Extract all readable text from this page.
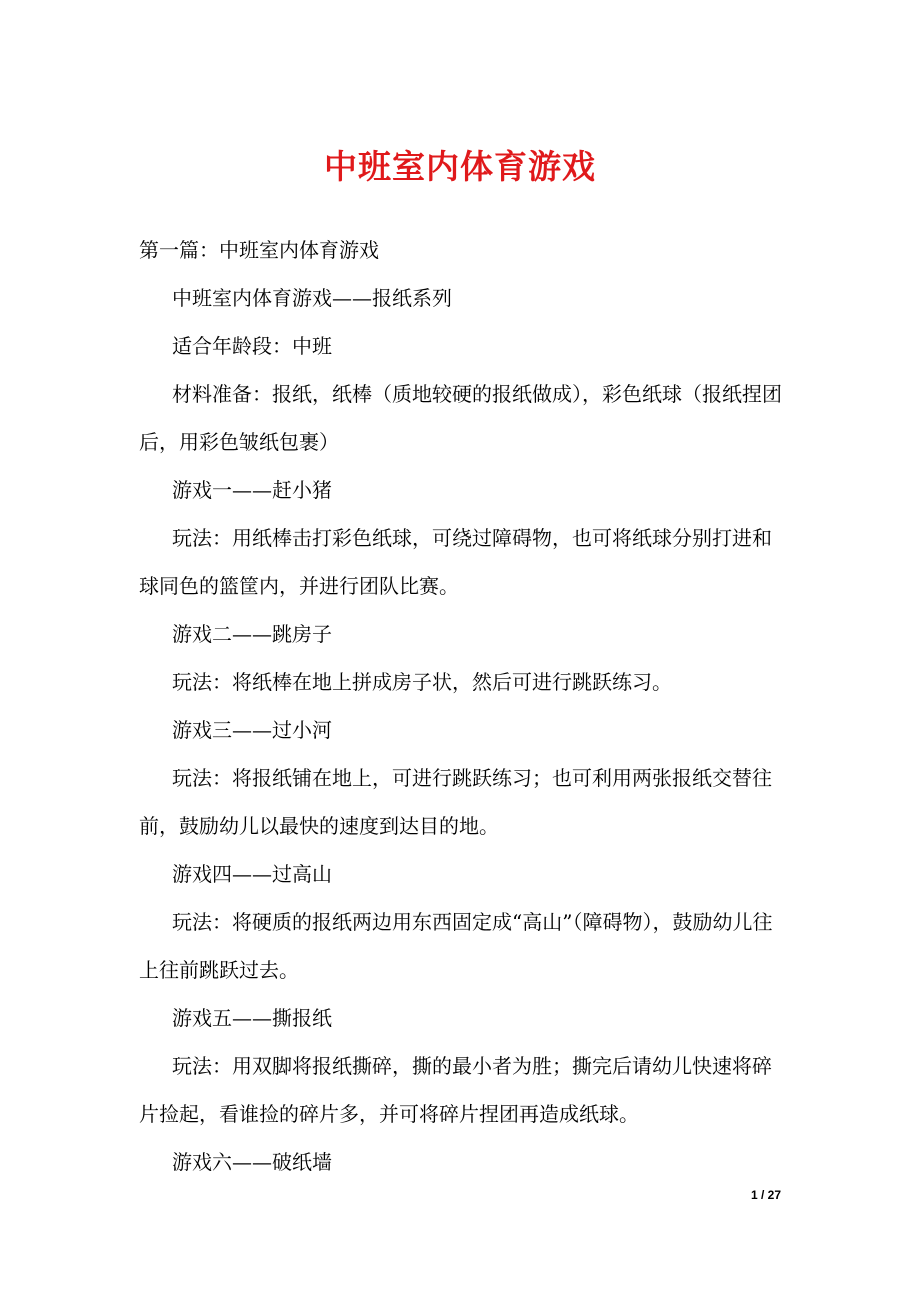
中班室内体育游戏

第一篇：中班室内体育游戏

中班室内体育游戏——报纸系列

适合年龄段：中班

材料准备：报纸，纸棒（质地较硬的报纸做成），彩色纸球（报纸捏团后，用彩色皱纸包裹）

游戏一——赶小猪

玩法：用纸棒击打彩色纸球，可绕过障碍物，也可将纸球分别打进和球同色的篮筐内，并进行团队比赛。

游戏二——跳房子

玩法：将纸棒在地上拼成房子状，然后可进行跳跃练习。

游戏三——过小河

玩法：将报纸铺在地上，可进行跳跃练习；也可利用两张报纸交替往前，鼓励幼儿以最快的速度到达目的地。

游戏四——过高山

玩法：将硬质的报纸两边用东西固定成“高山”（障碍物），鼓励幼儿往上往前跳跃过去。

游戏五——撕报纸

玩法：用双脚将报纸撕碎，撕的最小者为胜；撕完后请幼儿快速将碎片捡起，看谁捡的碎片多，并可将碎片捏团再造成纸球。

游戏六——破纸墙

1 / 27
